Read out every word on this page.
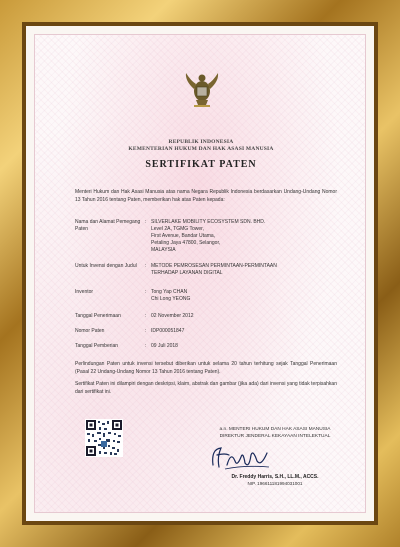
REPUBLIK INDONESIA
KEMENTERIAN HUKUM DAN HAK ASASI MANUSIA
SERTIFIKAT PATEN
Menteri Hukum dan Hak Asasi Manusia atas nama Negara Republik Indonesia berdasarkan Undang-Undang Nomor 13 Tahun 2016 tentang Paten, memberikan hak atas Paten kepada:
Nama dan Alamat Pemegang Paten
: SILVERLAKE MOBILITY ECOSYSTEM SDN. BHD.
Level 2A, TGMG Tower,
First Avenue, Bandar Utama,
Petaling Jaya 47800, Selangor,
MALAYSIA
Untuk Invensi dengan Judul	: METODE PEMROSESAN PERMINTAAN-PERMINTAAN
TERHADAP LAYANAN DIGITAL
Inventor	: Tong Yap CHAN
Chi Long YEONG
Tanggal Penerimaan	: 02 November 2012
Nomor Paten	: IDP000051847
Tanggal Pemberian	: 09 Juli 2018
Perlindungan Paten untuk invensi tersebut diberikan untuk selama 20 tahun terhitung sejak Tanggal Penerimaan (Pasal 22 Undang-Undang Nomor 13 Tahun 2016 tentang Paten).
Sertifikat Paten ini dilampiri dengan deskripsi, klaim, abstrak dan gambar (jika ada) dari invensi yang tidak terpisahkan dari sertifikat ini.
a.n. MENTERI HUKUM DAN HAK ASASI MANUSIA
DIREKTUR JENDERAL KEKAYAAN INTELEKTUAL
Dr. Freddy Harris, S.H., LL.M., ACCS.
NIP. 196611181994031001
